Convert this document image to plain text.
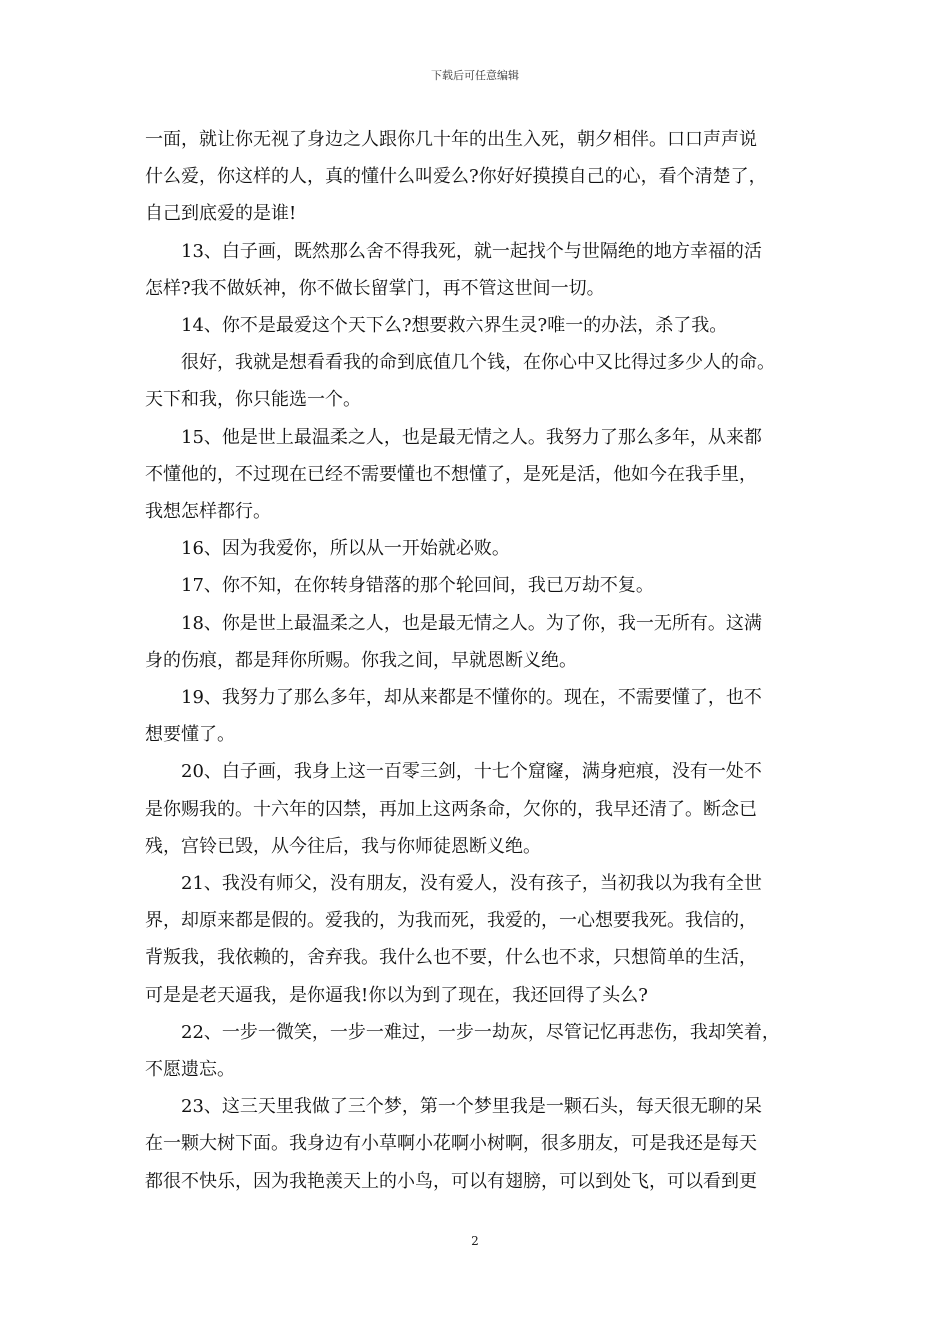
下载后可任意编辑
一面，就让你无视了身边之人跟你几十年的出生入死，朝夕相伴。口口声声说
什么爱，你这样的人，真的懂什么叫爱么?你好好摸摸自己的心，看个清楚了，
自己到底爱的是谁!
13、白子画，既然那么舍不得我死，就一起找个与世隔绝的地方幸福的活
怎样?我不做妖神，你不做长留掌门，再不管这世间一切。
14、你不是最爱这个天下么?想要救六界生灵?唯一的办法，杀了我。
很好，我就是想看看我的命到底值几个钱，在你心中又比得过多少人的命。
天下和我，你只能选一个。
15、他是世上最温柔之人，也是最无情之人。我努力了那么多年，从来都
不懂他的，不过现在已经不需要懂也不想懂了，是死是活，他如今在我手里，
我想怎样都行。
16、因为我爱你，所以从一开始就必败。
17、你不知，在你转身错落的那个轮回间，我已万劫不复。
18、你是世上最温柔之人，也是最无情之人。为了你，我一无所有。这满
身的伤痕，都是拜你所赐。你我之间，早就恩断义绝。
19、我努力了那么多年，却从来都是不懂你的。现在，不需要懂了，也不
想要懂了。
20、白子画，我身上这一百零三剑，十七个窟窿，满身疤痕，没有一处不
是你赐我的。十六年的囚禁，再加上这两条命，欠你的，我早还清了。断念已
残，宫铃已毁，从今往后，我与你师徒恩断义绝。
21、我没有师父，没有朋友，没有爱人，没有孩子，当初我以为我有全世
界，却原来都是假的。爱我的，为我而死，我爱的，一心想要我死。我信的，
背叛我，我依赖的，舍弃我。我什么也不要，什么也不求，只想简单的生活，
可是是老天逼我，是你逼我!你以为到了现在，我还回得了头么?
22、一步一微笑，一步一难过，一步一劫灰，尽管记忆再悲伤，我却笑着，
不愿遗忘。
23、这三天里我做了三个梦，第一个梦里我是一颗石头，每天很无聊的呆
在一颗大树下面。我身边有小草啊小花啊小树啊，很多朋友，可是我还是每天
都很不快乐，因为我艳羡天上的小鸟，可以有翅膀，可以到处飞，可以看到更
2
